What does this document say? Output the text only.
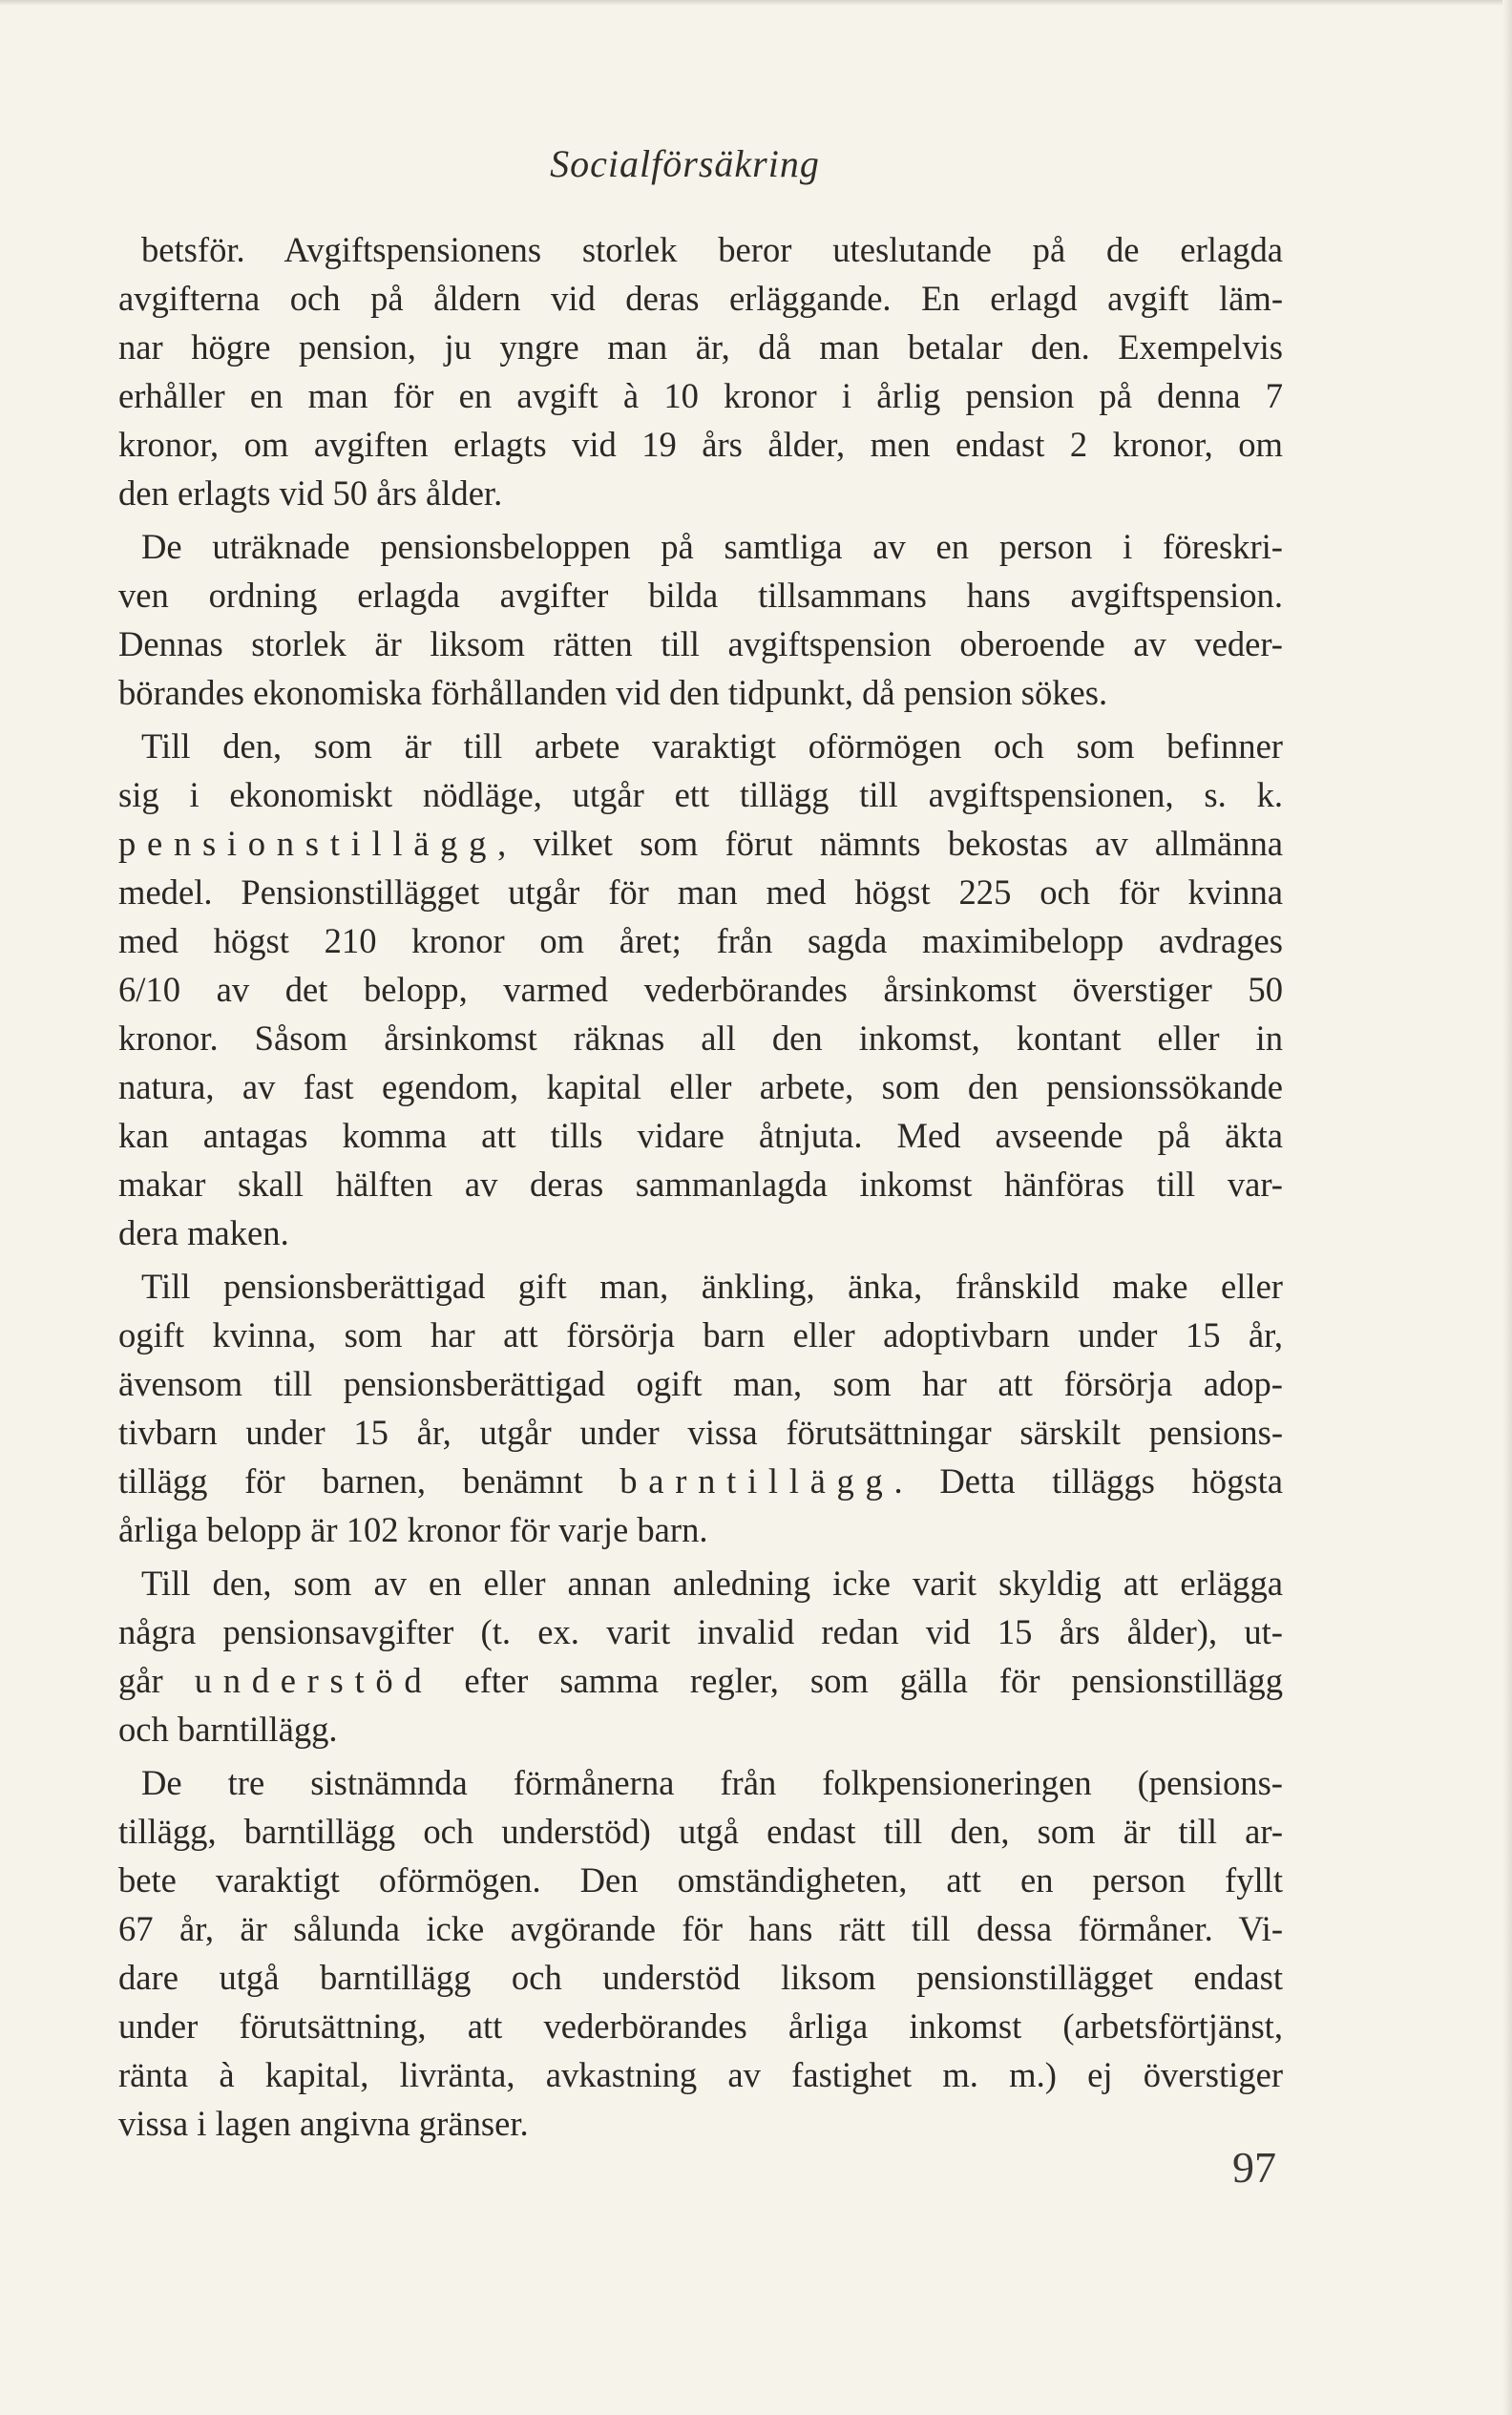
Socialförsäkring
betsför. Avgiftspensionens storlek beror uteslutande på de erlagda
avgifterna och på åldern vid deras erläggande. En erlagd avgift läm-
nar högre pension, ju yngre man är, då man betalar den. Exempelvis
erhåller en man för en avgift à 10 kronor i årlig pension på denna 7
kronor, om avgiften erlagts vid 19 års ålder, men endast 2 kronor, om
den erlagts vid 50 års ålder.
De uträknade pensionsbeloppen på samtliga av en person i föreskri-
ven ordning erlagda avgifter bilda tillsammans hans avgiftspension.
Dennas storlek är liksom rätten till avgiftspension oberoende av veder-
börandes ekonomiska förhållanden vid den tidpunkt, då pension sökes.
Till den, som är till arbete varaktigt oförmögen och som befinner
sig i ekonomiskt nödläge, utgår ett tillägg till avgiftspensionen, s. k.
pensionstillägg, vilket som förut nämnts bekostas av allmänna
medel. Pensionstillägget utgår för man med högst 225 och för kvinna
med högst 210 kronor om året; från sagda maximibelopp avdrages
6/10 av det belopp, varmed vederbörandes årsinkomst överstiger 50
kronor. Såsom årsinkomst räknas all den inkomst, kontant eller in
natura, av fast egendom, kapital eller arbete, som den pensionssökande
kan antagas komma att tills vidare åtnjuta. Med avseende på äkta
makar skall hälften av deras sammanlagda inkomst hänföras till var-
dera maken.
Till pensionsberättigad gift man, änkling, änka, frånskild make eller
ogift kvinna, som har att försörja barn eller adoptivbarn under 15 år,
ävensom till pensionsberättigad ogift man, som har att försörja adop-
tivbarn under 15 år, utgår under vissa förutsättningar särskilt pensions-
tillägg för barnen, benämnt barntillägg. Detta tilläggs högsta
årliga belopp är 102 kronor för varje barn.
Till den, som av en eller annan anledning icke varit skyldig att erlägga
några pensionsavgifter (t. ex. varit invalid redan vid 15 års ålder), ut-
går understöd efter samma regler, som gälla för pensionstillägg
och barntillägg.
De tre sistnämnda förmånerna från folkpensioneringen (pensions-
tillägg, barntillägg och understöd) utgå endast till den, som är till ar-
bete varaktigt oförmögen. Den omständigheten, att en person fyllt
67 år, är sålunda icke avgörande för hans rätt till dessa förmåner. Vi-
dare utgå barntillägg och understöd liksom pensionstillägget endast
under förutsättning, att vederbörandes årliga inkomst (arbetsförtjänst,
ränta à kapital, livränta, avkastning av fastighet m. m.) ej överstiger
vissa i lagen angivna gränser.
97
